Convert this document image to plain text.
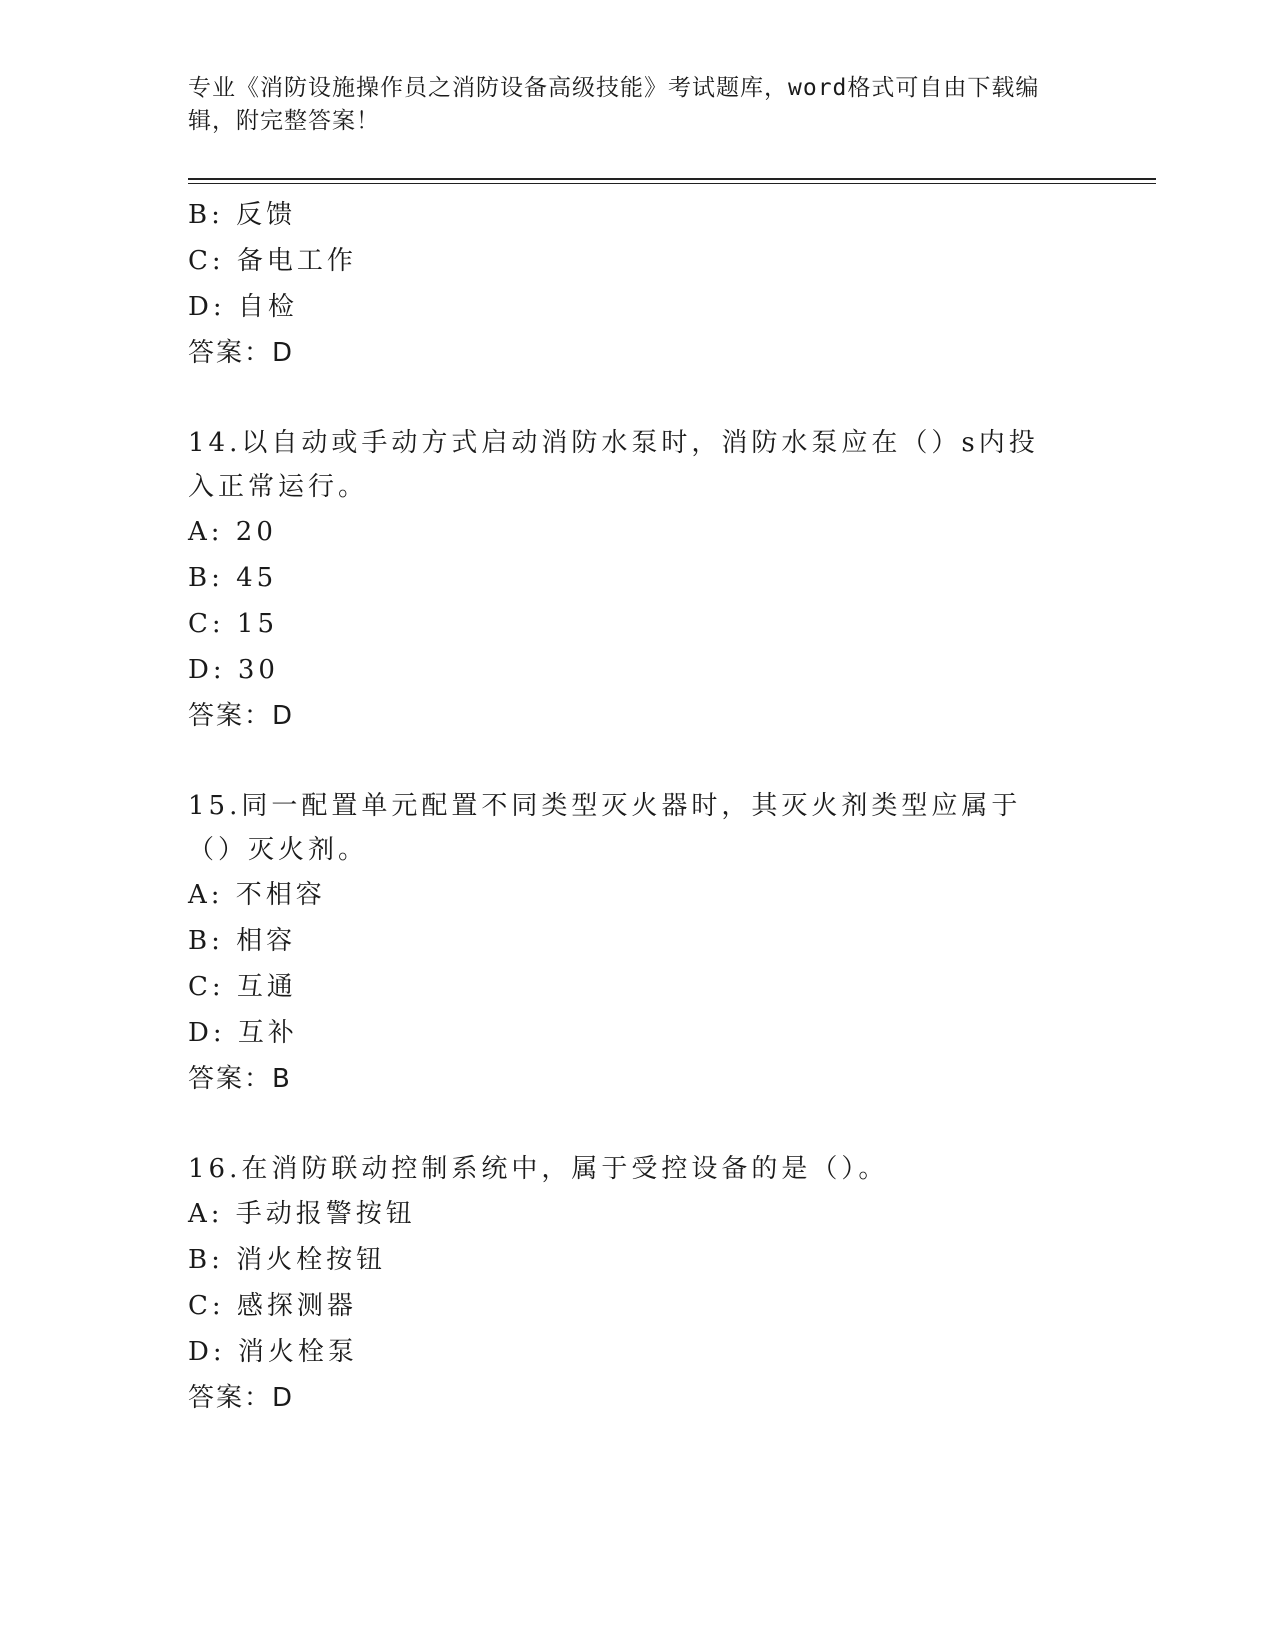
专业《消防设施操作员之消防设备高级技能》考试题库，word格式可自由下载编辑，附完整答案！
B: 反馈
C: 备电工作
D: 自检
答案：D
14.以自动或手动方式启动消防水泵时，消防水泵应在（）s内投入正常运行。
A: 20
B: 45
C: 15
D: 30
答案：D
15.同一配置单元配置不同类型灭火器时，其灭火剂类型应属于（）灭火剂。
A: 不相容
B: 相容
C: 互通
D: 互补
答案：B
16.在消防联动控制系统中，属于受控设备的是（）。
A: 手动报警按钮
B: 消火栓按钮
C: 感探测器
D: 消火栓泵
答案：D
